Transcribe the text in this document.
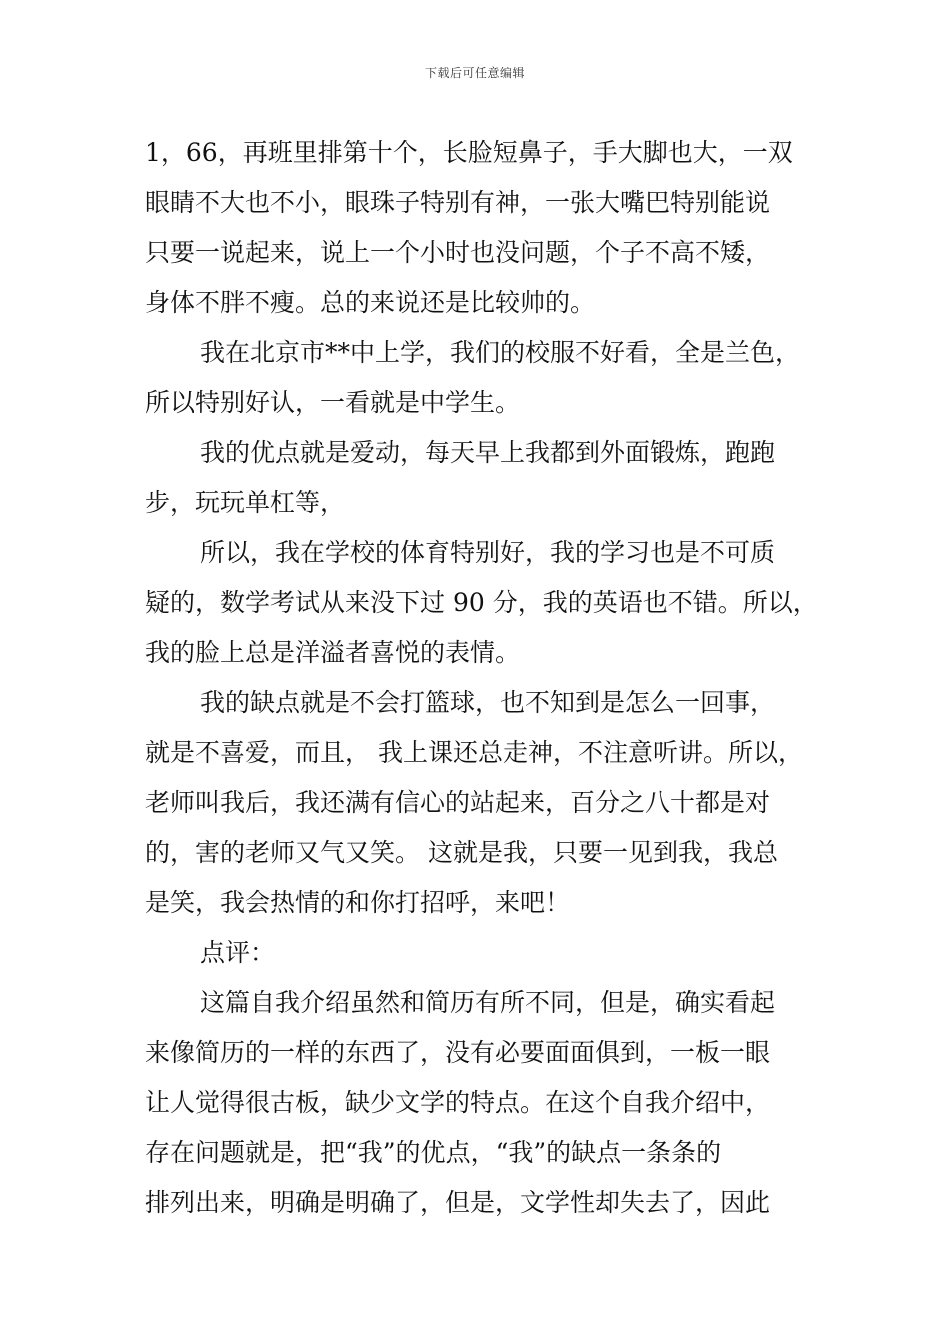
下载后可任意编辑
1，66，再班里排第十个，长脸短鼻子，手大脚也大，一双
眼睛不大也不小，眼珠子特别有神，一张大嘴巴特别能说
只要一说起来，说上一个小时也没问题，个子不高不矮，
身体不胖不瘦。总的来说还是比较帅的。
我在北京市**中上学，我们的校服不好看，全是兰色，
所以特别好认，一看就是中学生。
我的优点就是爱动，每天早上我都到外面锻炼，跑跑
步，玩玩单杠等，
所以，我在学校的体育特别好，我的学习也是不可质
疑的，数学考试从来没下过 90 分，我的英语也不错。所以，
我的脸上总是洋溢者喜悦的表情。
我的缺点就是不会打篮球，也不知到是怎么一回事，
就是不喜爱，而且， 我上课还总走神，不注意听讲。所以，
老师叫我后，我还满有信心的站起来，百分之八十都是对
的，害的老师又气又笑。 这就是我，只要一见到我，我总
是笑，我会热情的和你打招呼，来吧！
点评：
这篇自我介绍虽然和简历有所不同，但是，确实看起
来像简历的一样的东西了，没有必要面面俱到，一板一眼
让人觉得很古板，缺少文学的特点。在这个自我介绍中，
存在问题就是，把“我”的优点，“我”的缺点一条条的
排列出来，明确是明确了，但是，文学性却失去了，因此
